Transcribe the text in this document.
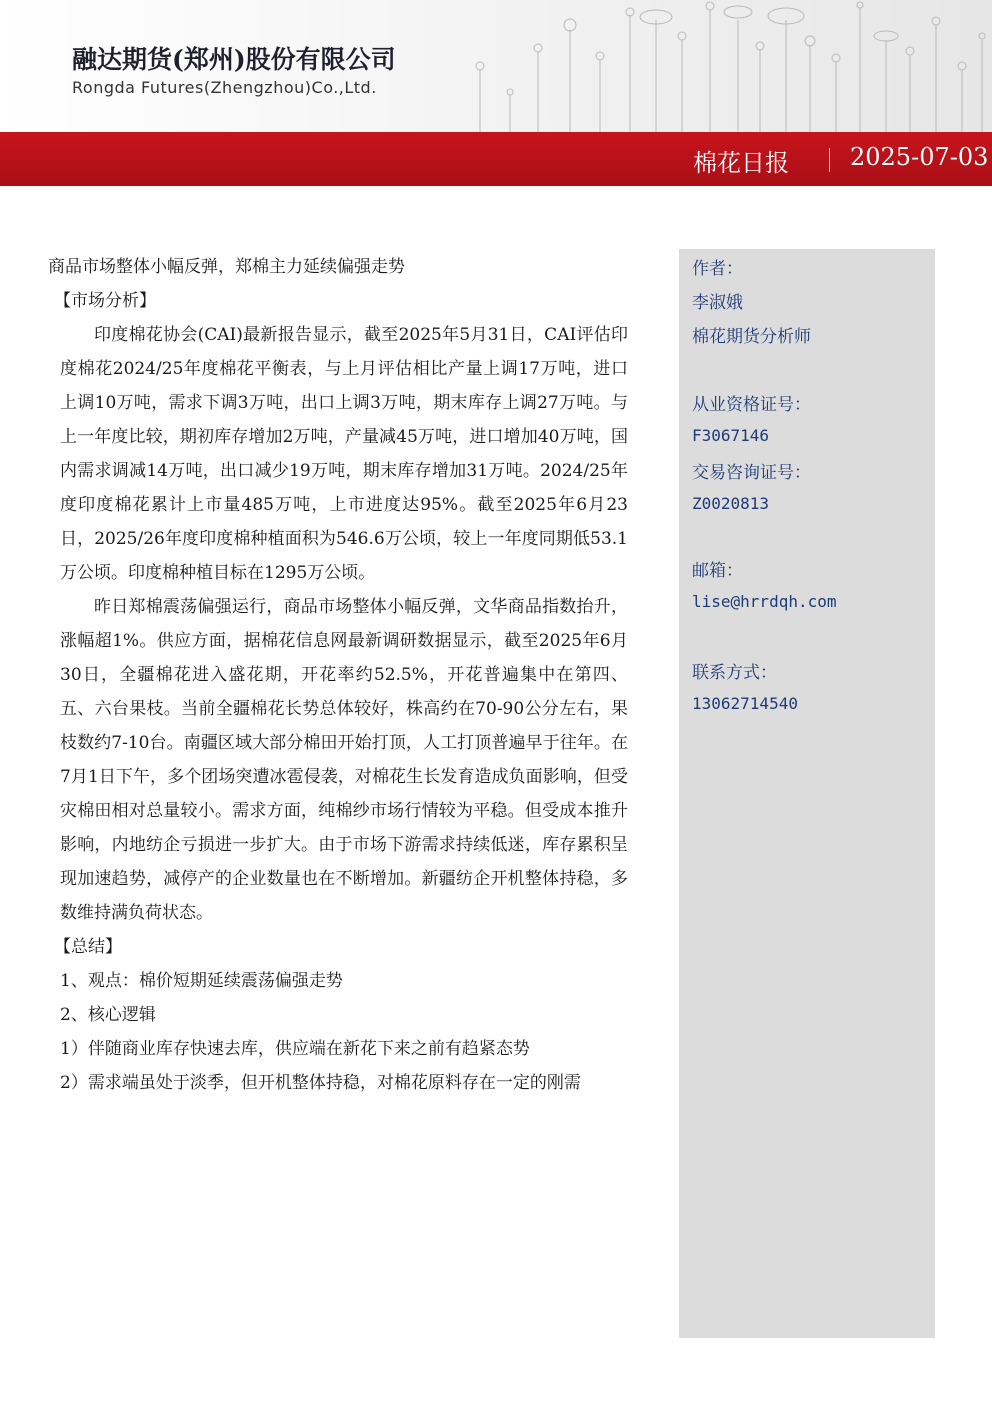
融达期货(郑州)股份有限公司
Rongda Futures(Zhengzhou)Co.,Ltd.
棉花日报	2025-07-03
商品市场整体小幅反弹，郑棉主力延续偏强走势
【市场分析】

印度棉花协会(CAI)最新报告显示，截至2025年5月31日，CAI评估印度棉花2024/25年度棉花平衡表，与上月评估相比产量上调17万吨，进口上调10万吨，需求下调3万吨，出口上调3万吨，期末库存上调27万吨。与上一年度比较，期初库存增加2万吨，产量减45万吨，进口增加40万吨，国内需求调减14万吨，出口减少19万吨，期末库存增加31万吨。2024/25年度印度棉花累计上市量485万吨，上市进度达95%。截至2025年6月23日，2025/26年度印度棉种植面积为546.6万公顷，较上一年度同期低53.1万公顷。印度棉种植目标在1295万公顷。

昨日郑棉震荡偏强运行，商品市场整体小幅反弹，文华商品指数抬升，涨幅超1%。供应方面，据棉花信息网最新调研数据显示，截至2025年6月30日，全疆棉花进入盛花期，开花率约52.5%，开花普遍集中在第四、五、六台果枝。当前全疆棉花长势总体较好，株高约在70-90公分左右，果枝数约7-10台。南疆区域大部分棉田开始打顶，人工打顶普遍早于往年。在7月1日下午，多个团场突遭冰雹侵袭，对棉花生长发育造成负面影响，但受灾棉田相对总量较小。需求方面，纯棉纱市场行情较为平稳。但受成本推升影响，内地纺企亏损进一步扩大。由于市场下游需求持续低迷，库存累积呈现加速趋势，减停产的企业数量也在不断增加。新疆纺企开机整体持稳，多数维持满负荷状态。

【总结】
1、观点：棉价短期延续震荡偏强走势
2、核心逻辑
1）伴随商业库存快速去库，供应端在新花下来之前有趋紧态势
2）需求端虽处于淡季，但开机整体持稳，对棉花原料存在一定的刚需
作者：
李淑娥
棉花期货分析师
从业资格证号：
F3067146
交易咨询证号：
Z0020813
邮箱：
lise@hrrdqh.com
联系方式：
13062714540
